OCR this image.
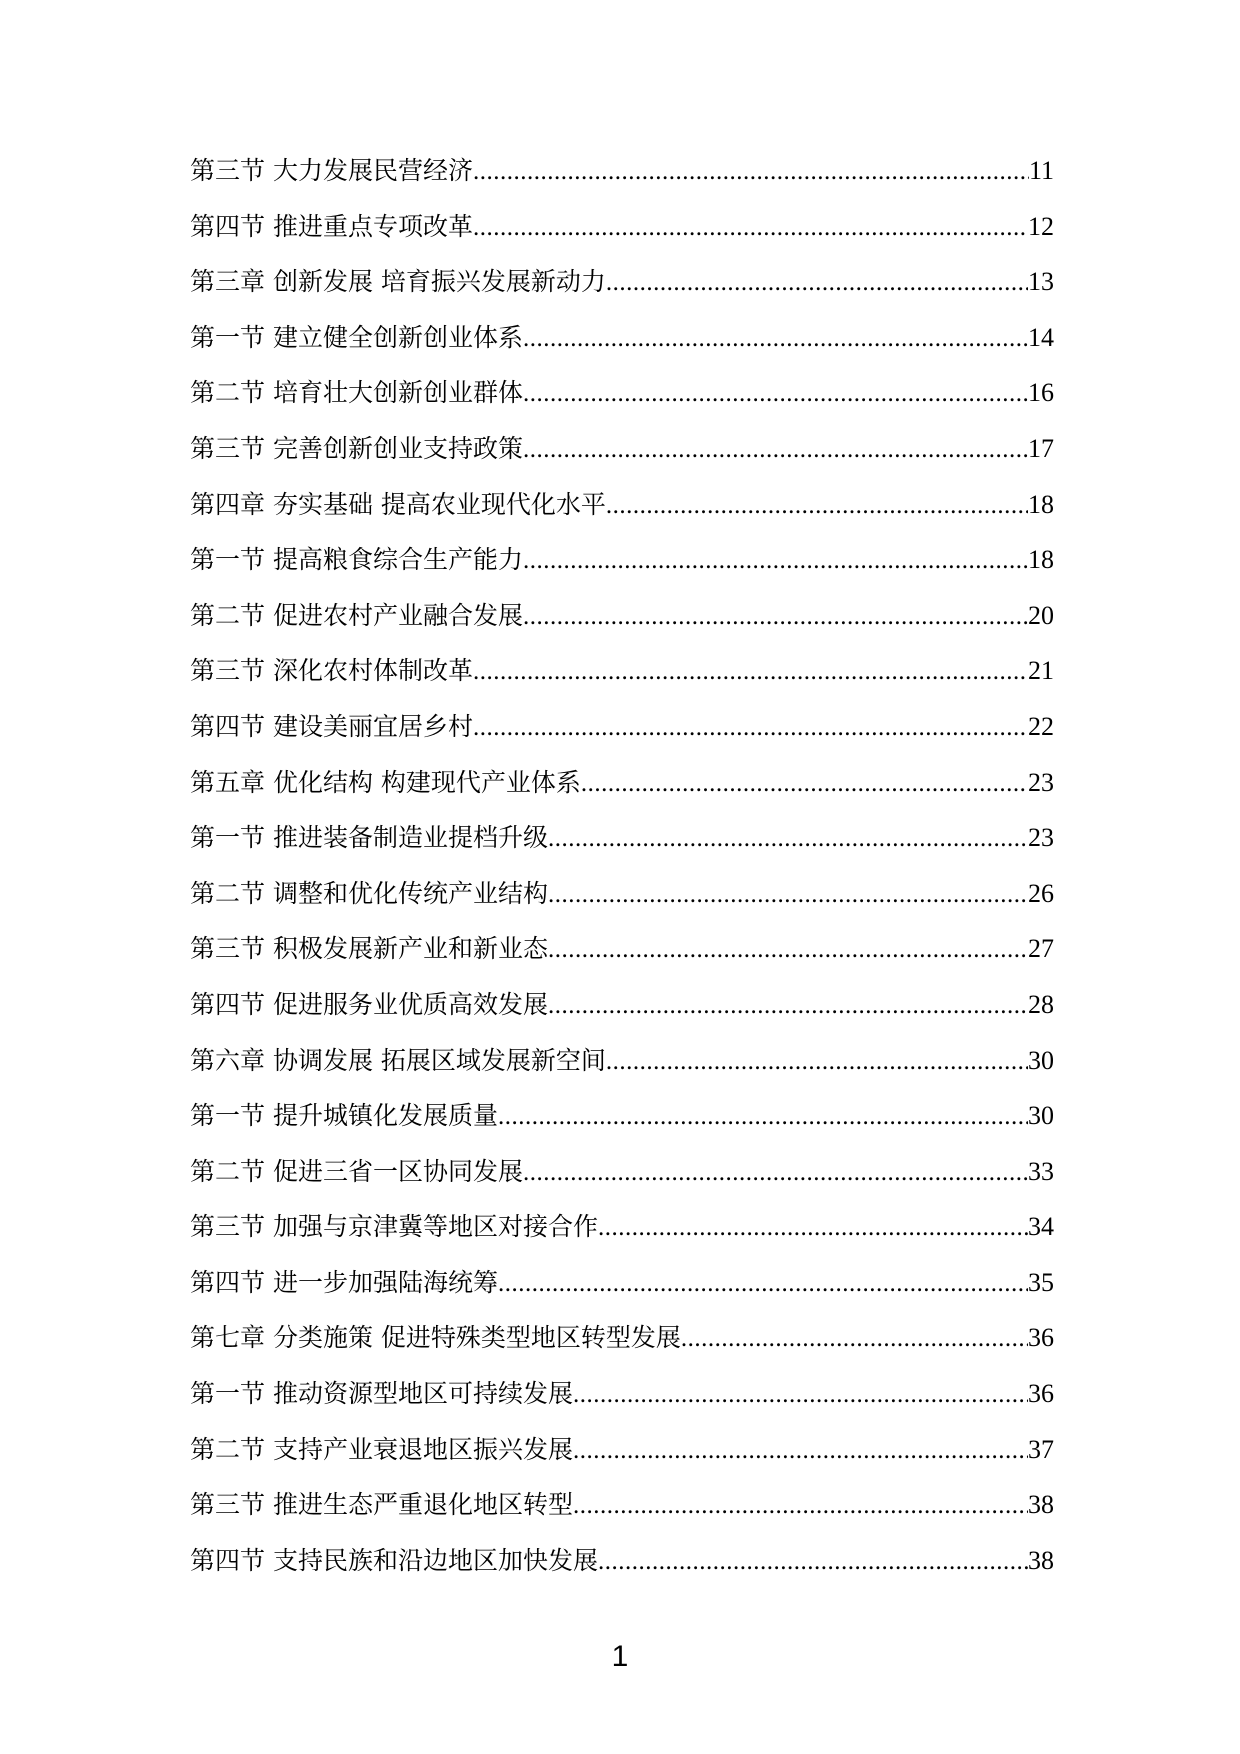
第三节 大力发展民营经济 .....	11
第四节 推进重点专项改革 .....	12
第三章 创新发展 培育振兴发展新动力 .....	13
第一节 建立健全创新创业体系 .....	14
第二节 培育壮大创新创业群体 .....	16
第三节 完善创新创业支持政策 .....	17
第四章 夯实基础 提高农业现代化水平 .....	18
第一节 提高粮食综合生产能力 .....	18
第二节 促进农村产业融合发展 .....	20
第三节 深化农村体制改革 .....	21
第四节 建设美丽宜居乡村 .....	22
第五章 优化结构 构建现代产业体系 .....	23
第一节 推进装备制造业提档升级 .....	23
第二节 调整和优化传统产业结构 .....	26
第三节 积极发展新产业和新业态 .....	27
第四节 促进服务业优质高效发展 .....	28
第六章 协调发展 拓展区域发展新空间 .....	30
第一节 提升城镇化发展质量 .....	30
第二节 促进三省一区协同发展 .....	33
第三节 加强与京津冀等地区对接合作 .....	34
第四节 进一步加强陆海统筹 .....	35
第七章 分类施策 促进特殊类型地区转型发展 .....	36
第一节 推动资源型地区可持续发展 .....	36
第二节 支持产业衰退地区振兴发展 .....	37
第三节 推进生态严重退化地区转型 .....	38
第四节 支持民族和沿边地区加快发展 .....	38
1
